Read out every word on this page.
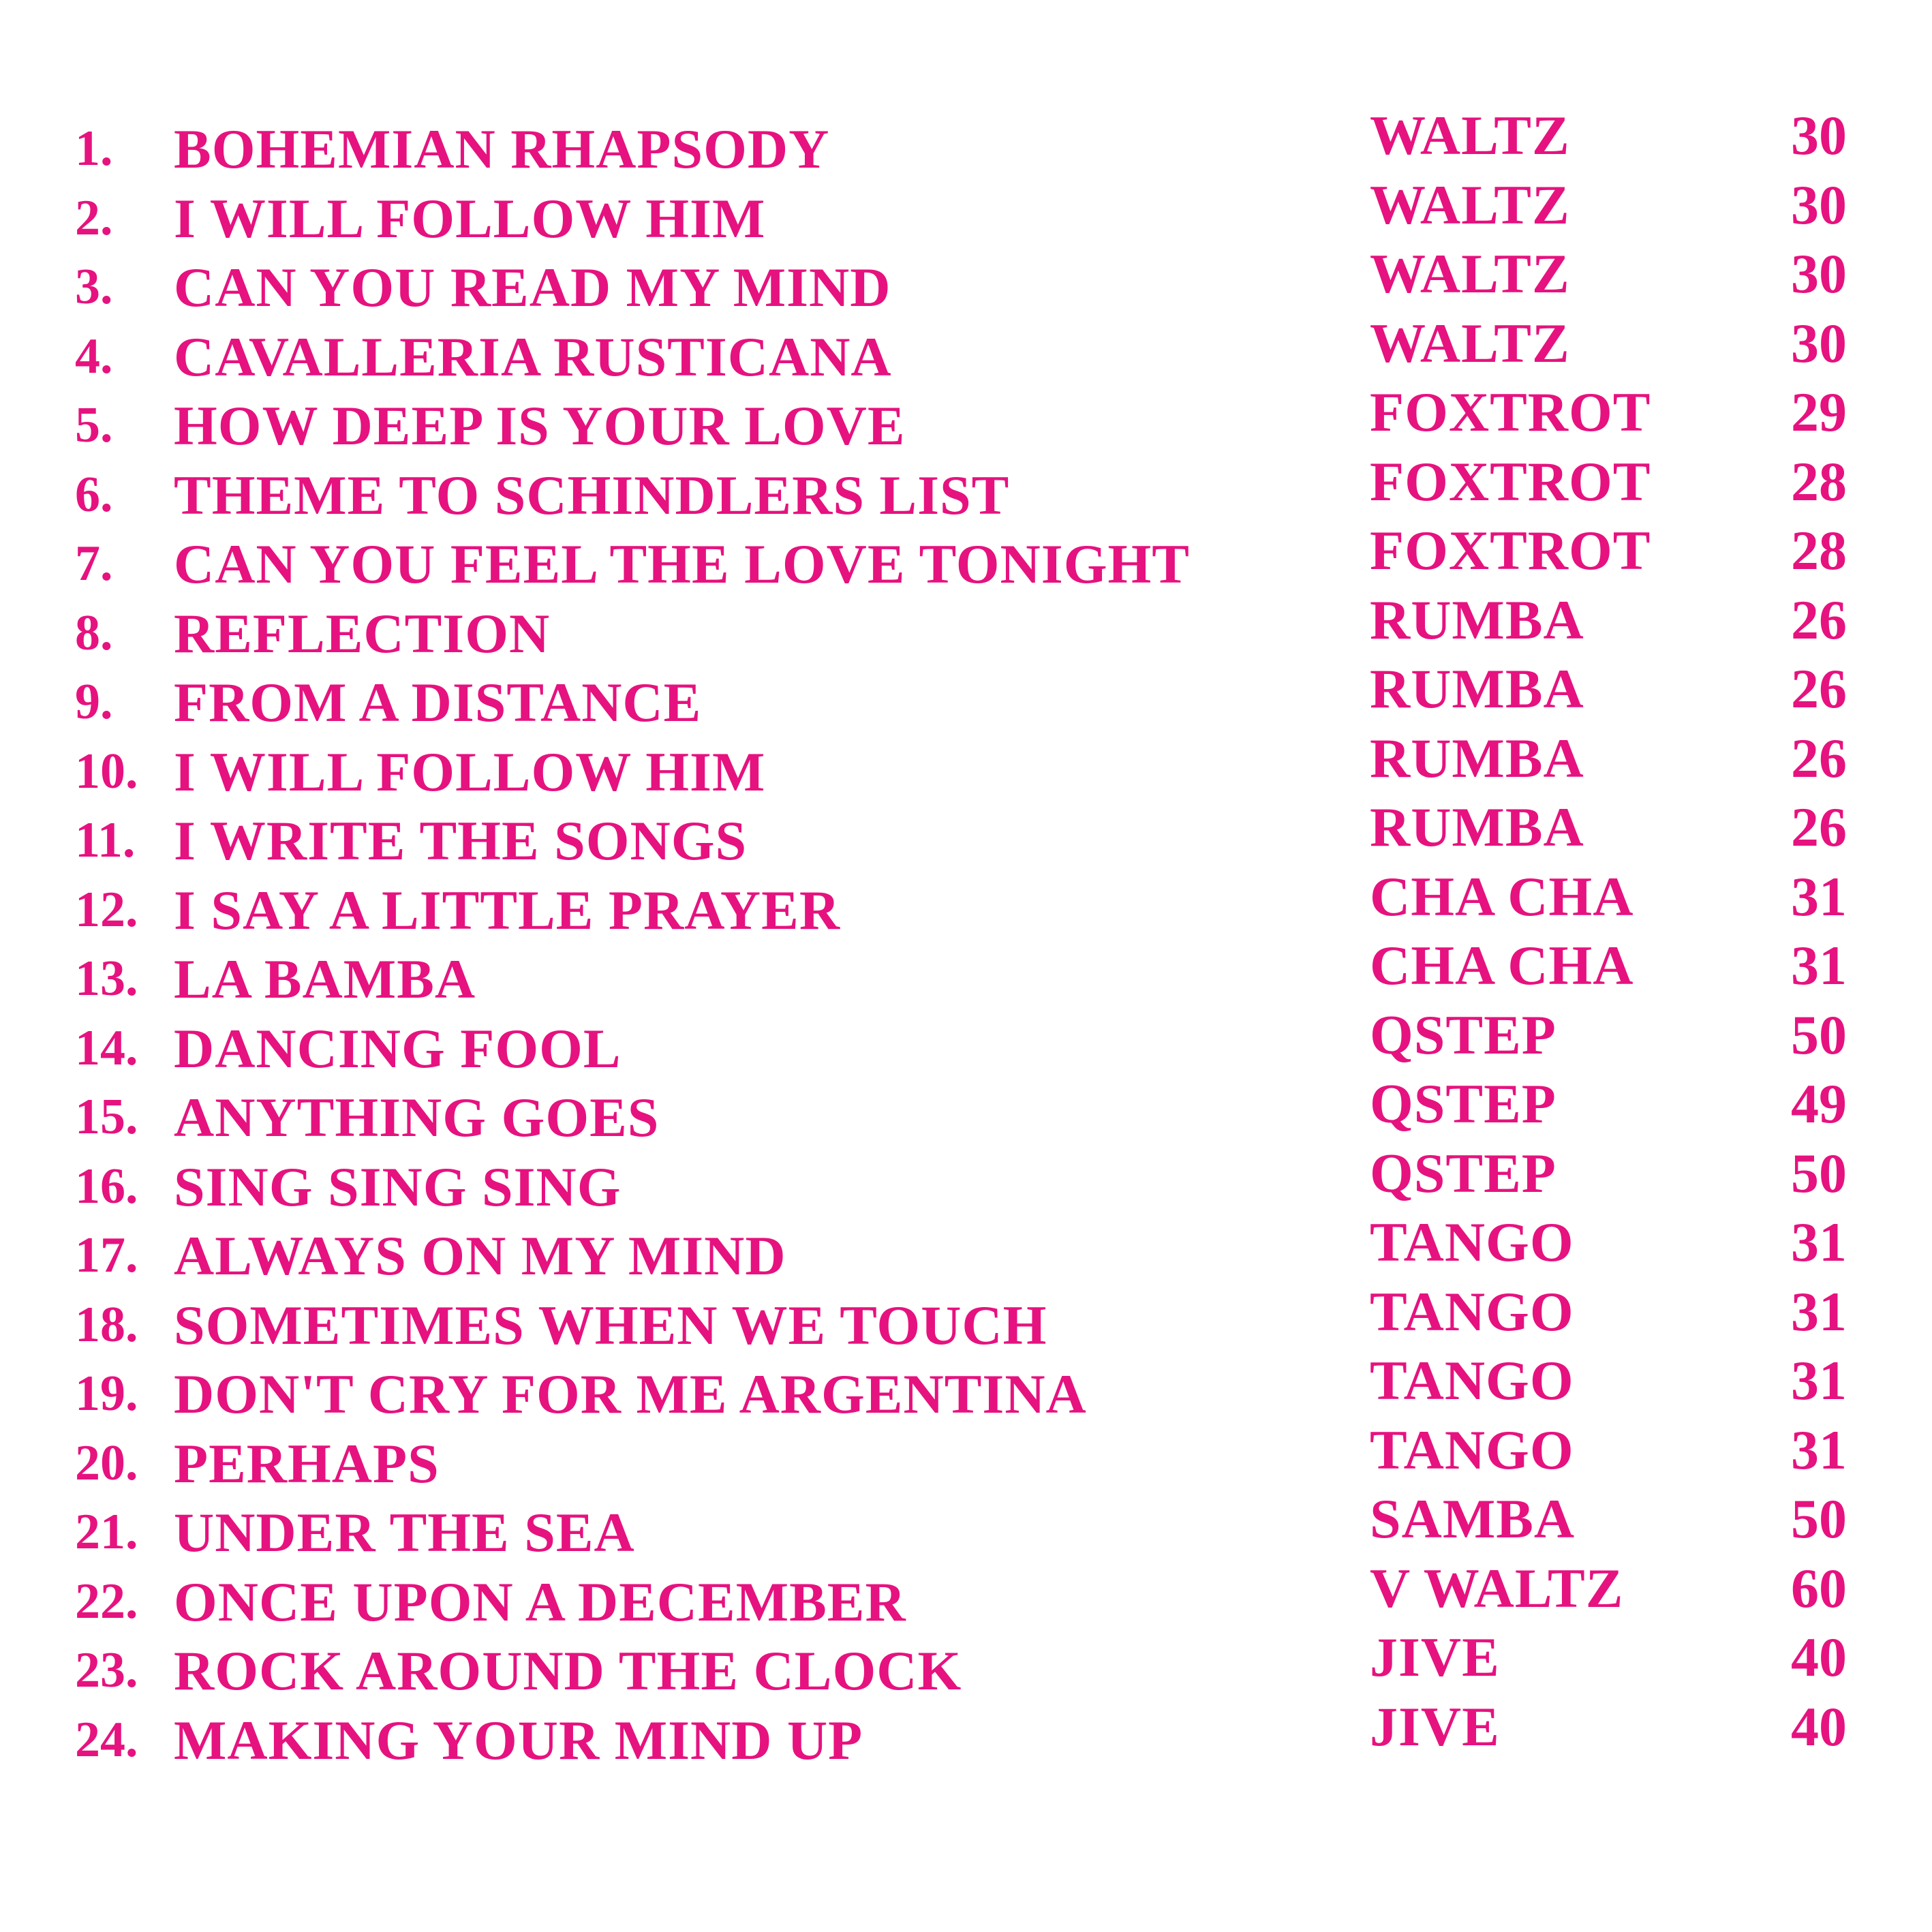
1. BOHEMIAN RHAPSODY	WALTZ	30
2. I WILL FOLLOW HIM	WALTZ	30
3. CAN YOU READ MY MIND	WALTZ	30
4. CAVALLERIA RUSTICANA	WALTZ	30
5. HOW DEEP IS YOUR LOVE	FOXTROT	29
6. THEME TO SCHINDLERS LIST	FOXTROT	28
7. CAN YOU FEEL THE LOVE TONIGHT	FOXTROT	28
8. REFLECTION	RUMBA	26
9. FROM A DISTANCE	RUMBA	26
10. I WILL FOLLOW HIM	RUMBA	26
11. I WRITE THE SONGS	RUMBA	26
12. I SAY A LITTLE PRAYER	CHA CHA	31
13. LA BAMBA	CHA CHA	31
14. DANCING FOOL	QSTEP	50
15. ANYTHING GOES	QSTEP	49
16. SING SING SING	QSTEP	50
17. ALWAYS ON MY MIND	TANGO	31
18. SOMETIMES WHEN WE TOUCH	TANGO	31
19. DON'T CRY FOR ME ARGENTINA	TANGO	31
20. PERHAPS	TANGO	31
21. UNDER THE SEA	SAMBA	50
22. ONCE UPON A DECEMBER	V WALTZ	60
23. ROCK AROUND THE CLOCK	JIVE	40
24. MAKING YOUR MIND UP	JIVE	40
